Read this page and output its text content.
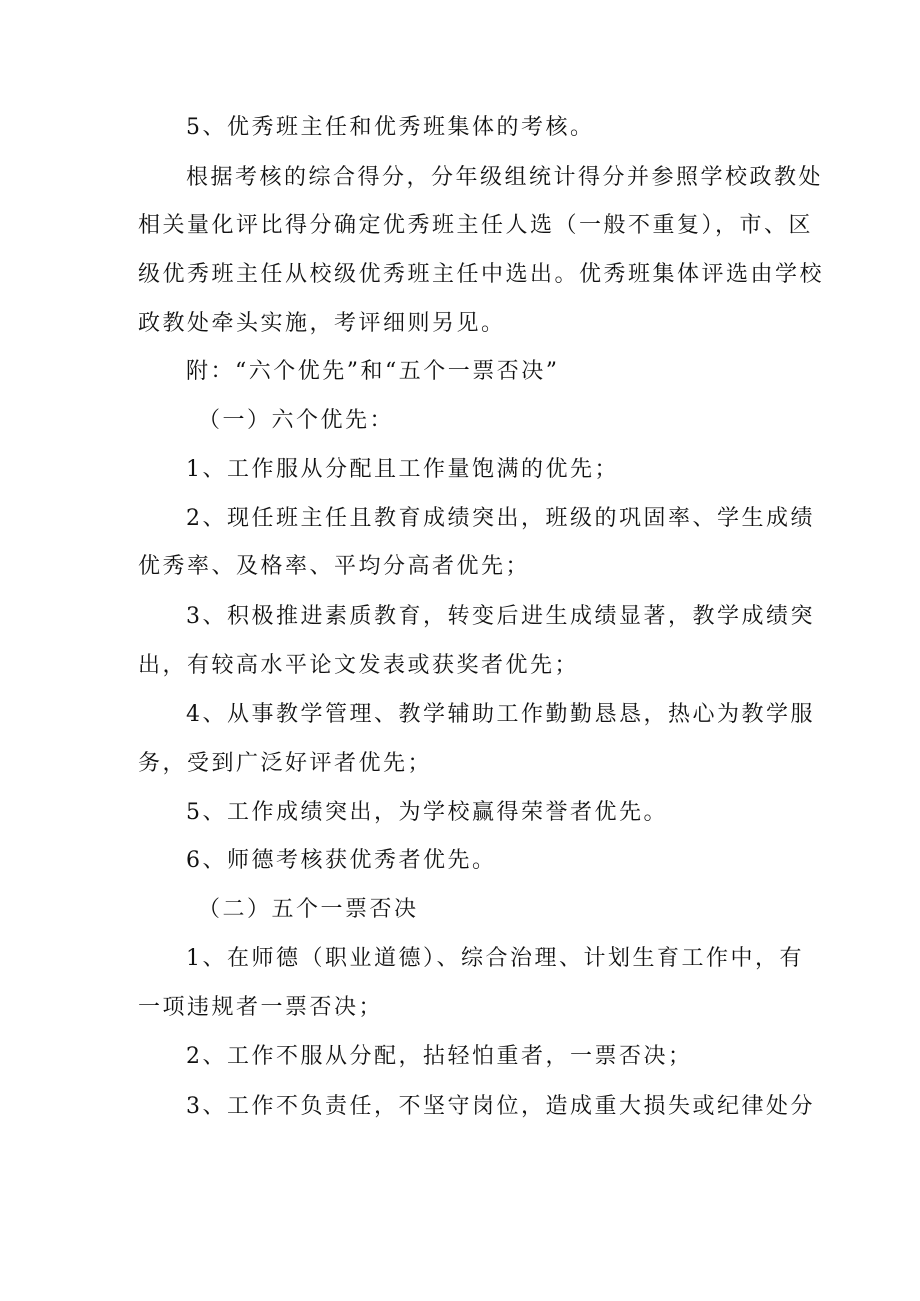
5、优秀班主任和优秀班集体的考核。
根据考核的综合得分，分年级组统计得分并参照学校政教处
相关量化评比得分确定优秀班主任人选（一般不重复），市、区
级优秀班主任从校级优秀班主任中选出。优秀班集体评选由学校
政教处牵头实施，考评细则另见。
附：“六个优先”和“五个一票否决”
（一）六个优先：
1、工作服从分配且工作量饱满的优先；
2、现任班主任且教育成绩突出，班级的巩固率、学生成绩
优秀率、及格率、平均分高者优先；
3、积极推进素质教育，转变后进生成绩显著，教学成绩突
出，有较高水平论文发表或获奖者优先；
4、从事教学管理、教学辅助工作勤勤恳恳，热心为教学服
务，受到广泛好评者优先；
5、工作成绩突出，为学校赢得荣誉者优先。
6、师德考核获优秀者优先。
（二）五个一票否决
1、在师德（职业道德）、综合治理、计划生育工作中，有
一项违规者一票否决；
2、工作不服从分配，拈轻怕重者，一票否决；
3、工作不负责任，不坚守岗位，造成重大损失或纪律处分
